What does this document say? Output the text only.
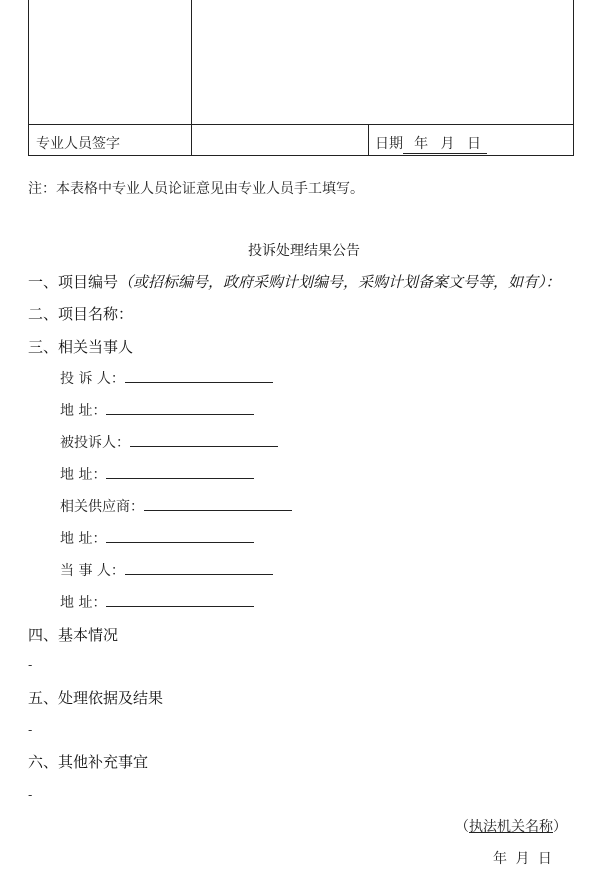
专业人员签字	日期 年 月 日
注：本表格中专业人员论证意见由专业人员手工填写。
投诉处理结果公告
一、项目编号（或招标编号，政府采购计划编号，采购计划备案文号等，如有）：
二、项目名称：
三、相关当事人
投 诉 人：
地 址：
被投诉人：
地 址：
相关供应商：
地 址：
当 事 人：
地 址：
四、基本情况
-
五、处理依据及结果
-
六、其他补充事宜
-
（执法机关名称）
年 月 日
